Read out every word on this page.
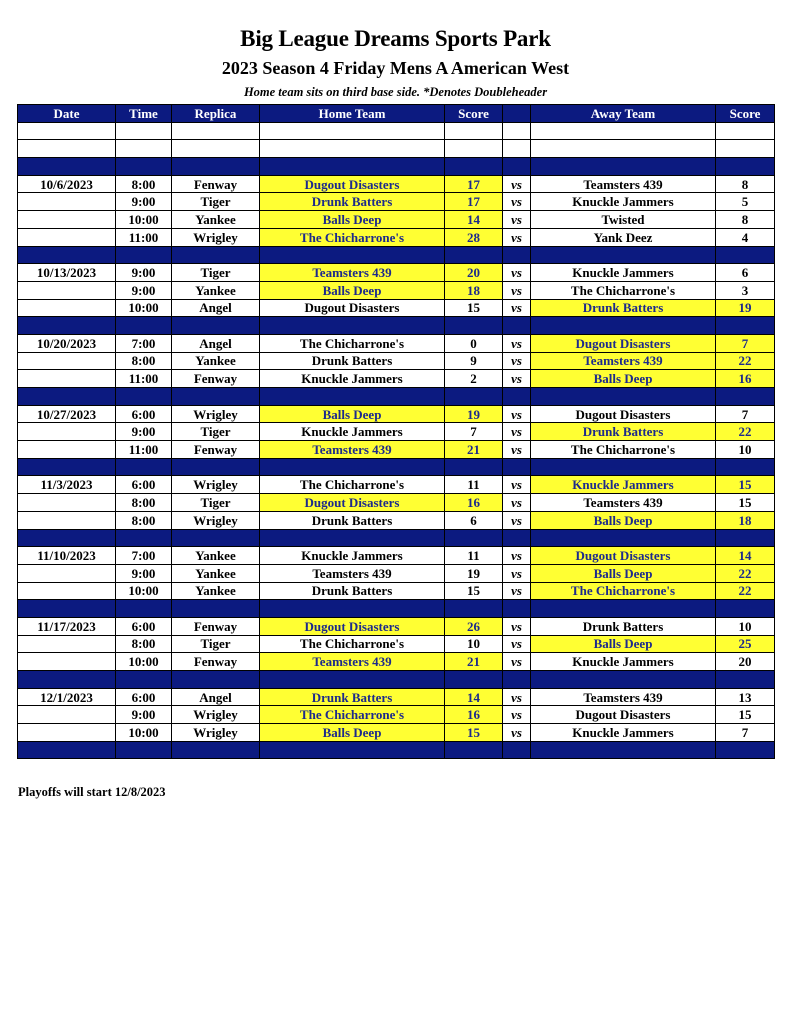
Big League Dreams Sports Park
2023 Season 4 Friday Mens A American West
Home team sits on third base side. *Denotes Doubleheader
Date	Time	Replica	Home Team	Score		Away Team	Score

10/6/2023	8:00	Fenway	Dugout Disasters	17	vs	Teamsters 439	8
	9:00	Tiger	Drunk Batters	17	vs	Knuckle Jammers	5
	10:00	Yankee	Balls Deep	14	vs	Twisted	8
	11:00	Wrigley	The Chicharrone's	28	vs	Yank Deez	4

10/13/2023	9:00	Tiger	Teamsters 439	20	vs	Knuckle Jammers	6
	9:00	Yankee	Balls Deep	18	vs	The Chicharrone's	3
	10:00	Angel	Dugout Disasters	15	vs	Drunk Batters	19

10/20/2023	7:00	Angel	The Chicharrone's	0	vs	Dugout Disasters	7
	8:00	Yankee	Drunk Batters	9	vs	Teamsters 439	22
	11:00	Fenway	Knuckle Jammers	2	vs	Balls Deep	16

10/27/2023	6:00	Wrigley	Balls Deep	19	vs	Dugout Disasters	7
	9:00	Tiger	Knuckle Jammers	7	vs	Drunk Batters	22
	11:00	Fenway	Teamsters 439	21	vs	The Chicharrone's	10

11/3/2023	6:00	Wrigley	The Chicharrone's	11	vs	Knuckle Jammers	15
	8:00	Tiger	Dugout Disasters	16	vs	Teamsters 439	15
	8:00	Wrigley	Drunk Batters	6	vs	Balls Deep	18

11/10/2023	7:00	Yankee	Knuckle Jammers	11	vs	Dugout Disasters	14
	9:00	Yankee	Teamsters 439	19	vs	Balls Deep	22
	10:00	Yankee	Drunk Batters	15	vs	The Chicharrone's	22

11/17/2023	6:00	Fenway	Dugout Disasters	26	vs	Drunk Batters	10
	8:00	Tiger	The Chicharrone's	10	vs	Balls Deep	25
	10:00	Fenway	Teamsters 439	21	vs	Knuckle Jammers	20

12/1/2023	6:00	Angel	Drunk Batters	14	vs	Teamsters 439	13
	9:00	Wrigley	The Chicharrone's	16	vs	Dugout Disasters	15
	10:00	Wrigley	Balls Deep	15	vs	Knuckle Jammers	7

Playoffs will start 12/8/2023
